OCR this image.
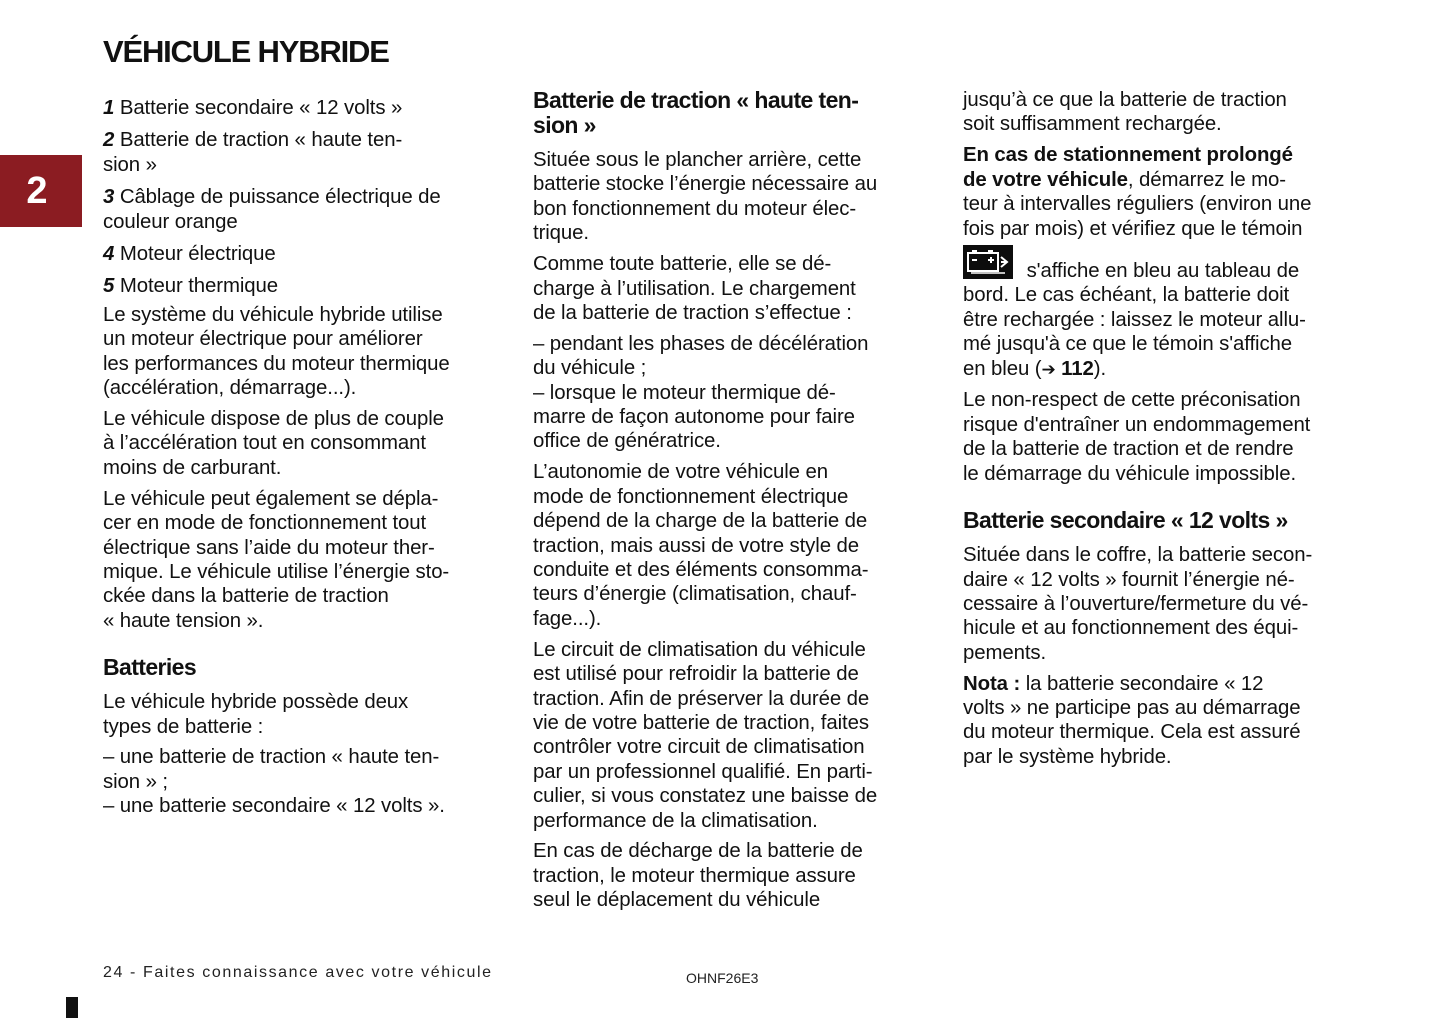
2
VÉHICULE HYBRIDE

1 Batterie secondaire « 12 volts »

2 Batterie de traction « haute ten-
sion »

3 Câblage de puissance électrique de
couleur orange

4 Moteur électrique

5 Moteur thermique

Le système du véhicule hybride utilise
un moteur électrique pour améliorer
les performances du moteur thermique
(accélération, démarrage...).

Le véhicule dispose de plus de couple
à l’accélération tout en consommant
moins de carburant.

Le véhicule peut également se dépla-
cer en mode de fonctionnement tout
électrique sans l’aide du moteur ther-
mique. Le véhicule utilise l’énergie sto-
ckée dans la batterie de traction
« haute tension ».

Batteries

Le véhicule hybride possède deux
types de batterie :

– une batterie de traction « haute ten-
sion » ;

– une batterie secondaire « 12 volts ».

Batterie de traction « haute ten-
sion »

Située sous le plancher arrière, cette
batterie stocke l’énergie nécessaire au
bon fonctionnement du moteur élec-
trique.

Comme toute batterie, elle se dé-
charge à l’utilisation. Le chargement
de la batterie de traction s’effectue :

– pendant les phases de décélération
du véhicule ;

– lorsque le moteur thermique dé-
marre de façon autonome pour faire
office de génératrice.

L’autonomie de votre véhicule en
mode de fonctionnement électrique
dépend de la charge de la batterie de
traction, mais aussi de votre style de
conduite et des éléments consomma-
teurs d’énergie (climatisation, chauf-
fage...).

Le circuit de climatisation du véhicule
est utilisé pour refroidir la batterie de
traction. Afin de préserver la durée de
vie de votre batterie de traction, faites
contrôler votre circuit de climatisation
par un professionnel qualifié. En parti-
culier, si vous constatez une baisse de
performance de la climatisation.

En cas de décharge de la batterie de
traction, le moteur thermique assure
seul le déplacement du véhicule

jusqu’à ce que la batterie de traction
soit suffisamment rechargée.

En cas de stationnement prolongé
de votre véhicule, démarrez le mo-
teur à intervalles réguliers (environ une
fois par mois) et vérifiez que le témoin

s'affiche en bleu au tableau de
bord. Le cas échéant, la batterie doit
être rechargée : laissez le moteur allu-
mé jusqu'à ce que le témoin s'affiche
en bleu (➔ 112).

Le non-respect de cette préconisation
risque d'entraîner un endommagement
de la batterie de traction et de rendre
le démarrage du véhicule impossible.

Batterie secondaire « 12 volts »

Située dans le coffre, la batterie secon-
daire « 12 volts » fournit l’énergie né-
cessaire à l’ouverture/fermeture du vé-
hicule et au fonctionnement des équi-
pements.

Nota : la batterie secondaire « 12
volts » ne participe pas au démarrage
du moteur thermique. Cela est assuré
par le système hybride.

24 - Faites connaissance avec votre véhicule	OHNF26E3
